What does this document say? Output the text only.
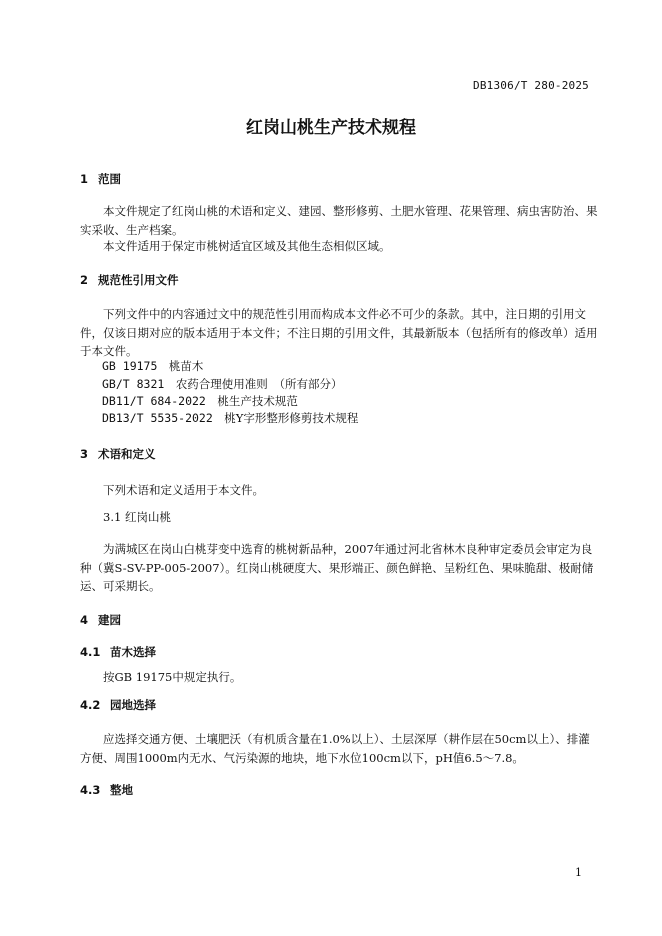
DB1306/T 280-2025
红岗山桃生产技术规程
1 范围
本文件规定了红岗山桃的术语和定义、建园、整形修剪、土肥水管理、花果管理、病虫害防治、果实采收、生产档案。
本文件适用于保定市桃树适宜区域及其他生态相似区域。
2 规范性引用文件
下列文件中的内容通过文中的规范性引用而构成本文件必不可少的条款。其中，注日期的引用文件，仅该日期对应的版本适用于本文件；不注日期的引用文件，其最新版本（包括所有的修改单）适用于本文件。
GB 19175　 桃苗木
GB/T 8321　 农药合理使用准则　（所有部分）
DB11/T 684-2022　 桃生产技术规范
DB13/T 5535-2022　 桃Y字形整形修剪技术规程
3 术语和定义
下列术语和定义适用于本文件。
3.1 红岗山桃
为满城区在岗山白桃芽变中选育的桃树新品种，2007年通过河北省林木良种审定委员会审定为良种（冀S-SV-PP-005-2007）。红岗山桃硬度大、果形端正、颜色鲜艳、呈粉红色、果味脆甜、极耐储运、可采期长。
4 建园
4.1 苗木选择
按GB 19175中规定执行。
4.2 园地选择
应选择交通方便、土壤肥沃（有机质含量在1.0%以上）、土层深厚（耕作层在50cm以上）、排灌方便、周围1000m内无水、气污染源的地块，地下水位100cm以下，pH值6.5～7.8。
4.3 整地
1
